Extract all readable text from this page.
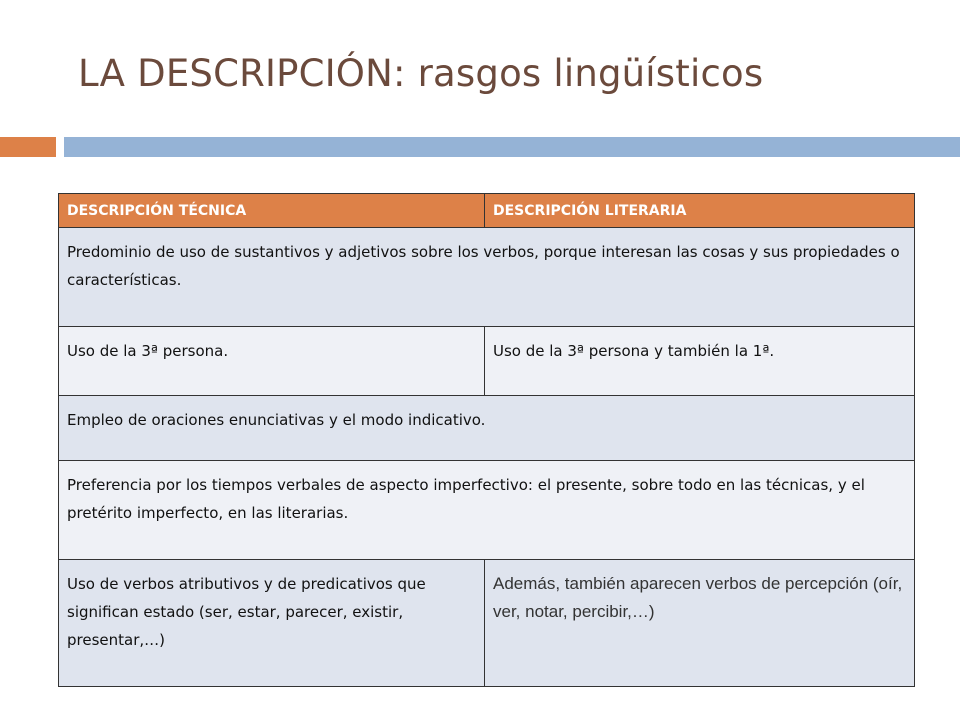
LA DESCRIPCIÓN: rasgos lingüísticos
DESCRIPCIÓN TÉCNICA	DESCRIPCIÓN LITERARIA
Predominio de uso de sustantivos y adjetivos sobre los verbos, porque interesan las cosas y sus propiedades o características.	
Uso de la 3ª persona.	Uso de la 3ª persona y también la 1ª.
Empleo de oraciones enunciativas y el modo indicativo.	
Preferencia por los tiempos verbales de aspecto imperfectivo: el presente, sobre todo en las técnicas, y el pretérito imperfecto, en las literarias.	
Uso de verbos atributivos y de predicativos que significan estado (ser, estar, parecer, existir, presentar,…)	Además, también aparecen verbos de percepción (oír, ver, notar, percibir,…)
